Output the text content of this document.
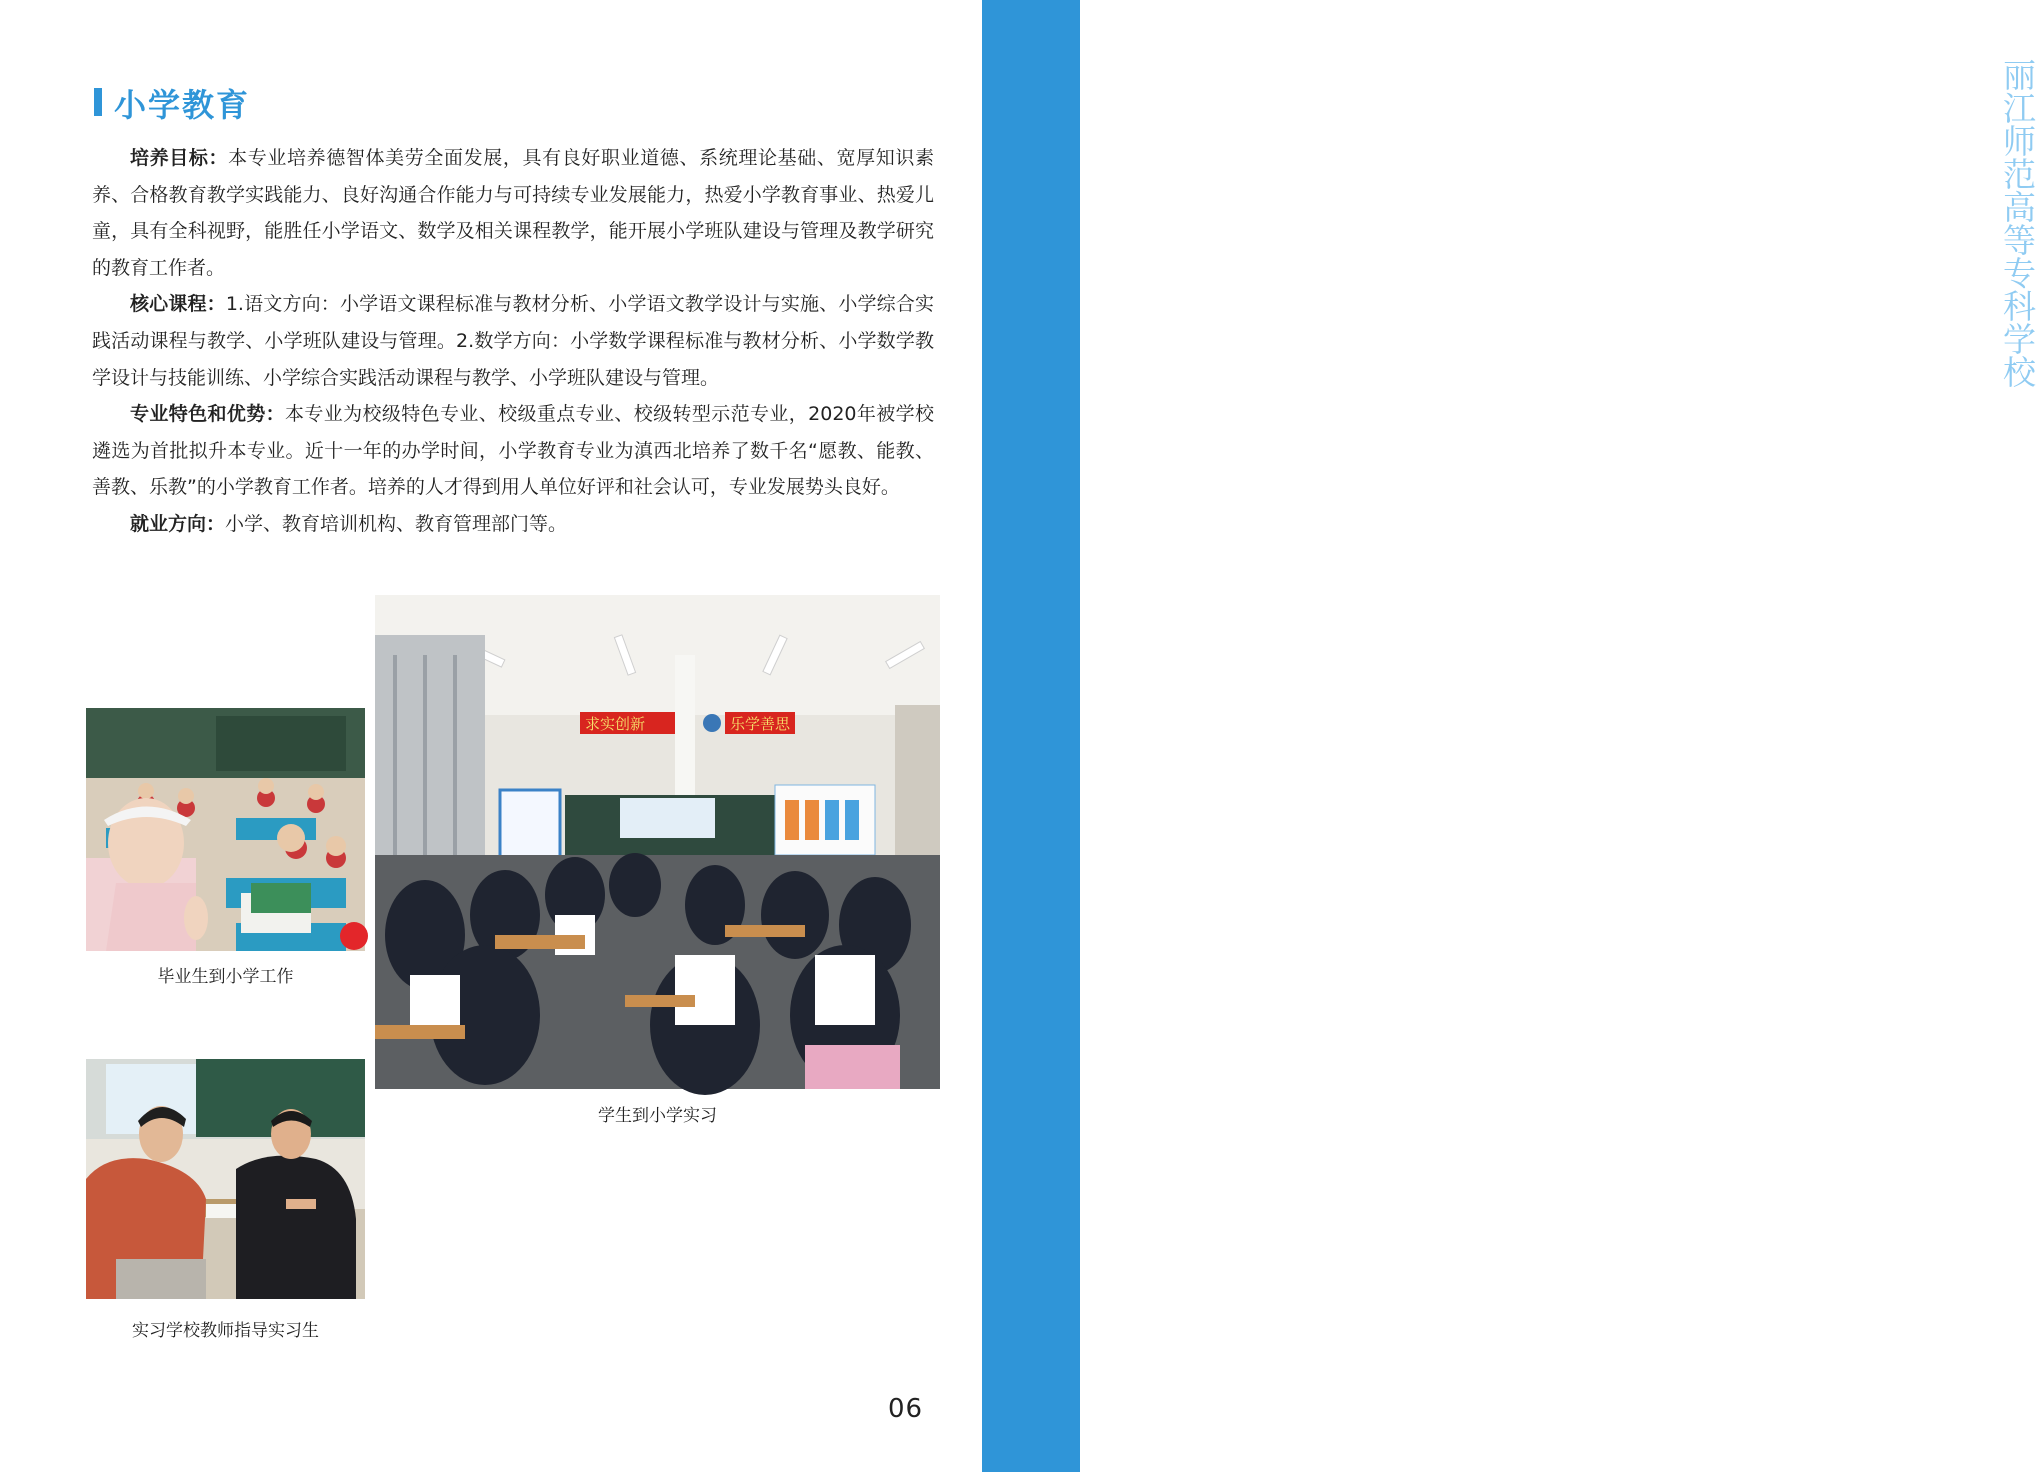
丽江师范高等专科学校
小学教育

培养目标：本专业培养德智体美劳全面发展，具有良好职业道德、系统理论基础、宽厚知识素养、合格教育教学实践能力、良好沟通合作能力与可持续专业发展能力，热爱小学教育事业、热爱儿童，具有全科视野，能胜任小学语文、数学及相关课程教学，能开展小学班队建设与管理及教学研究的教育工作者。

核心课程：1.语文方向：小学语文课程标准与教材分析、小学语文教学设计与实施、小学综合实践活动课程与教学、小学班队建设与管理。2.数学方向：小学数学课程标准与教材分析、小学数学教学设计与技能训练、小学综合实践活动课程与教学、小学班队建设与管理。

专业特色和优势：本专业为校级特色专业、校级重点专业、校级转型示范专业，2020年被学校遴选为首批拟升本专业。近十一年的办学时间，小学教育专业为滇西北培养了数千名“愿教、能教、善教、乐教”的小学教育工作者。培养的人才得到用人单位好评和社会认可，专业发展势头良好。

就业方向：小学、教育培训机构、教育管理部门等。

毕业生到小学工作
求实创新	乐学善思
学生到小学实习
实习学校教师指导实习生
06
